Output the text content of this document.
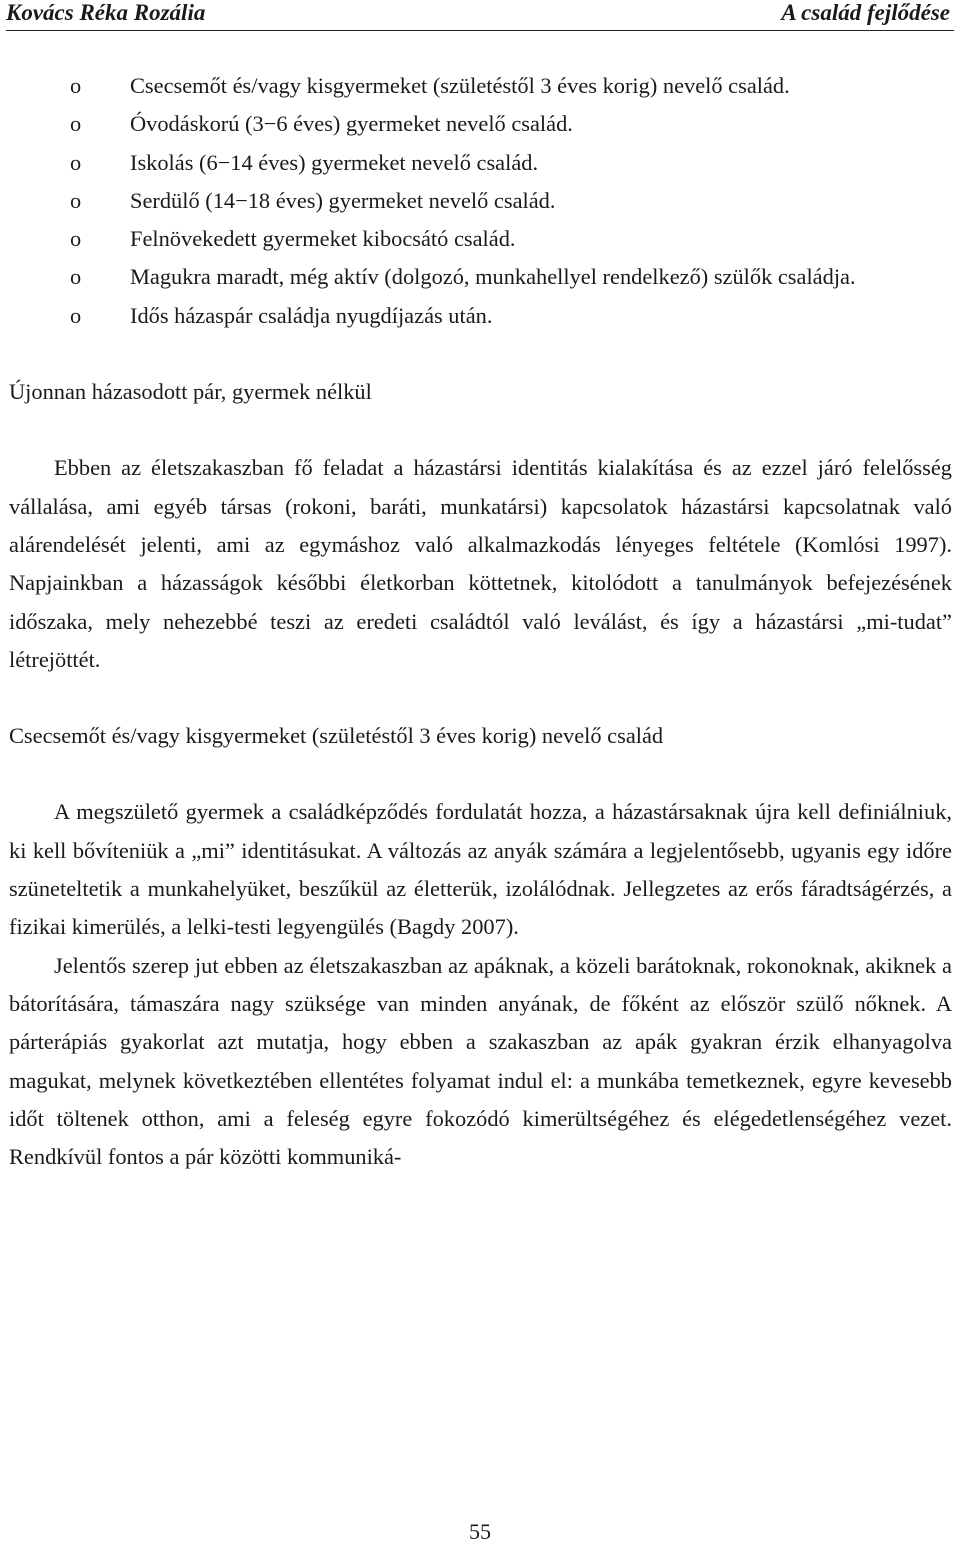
Kovács Réka Rozália	A család fejlődése
o Csecsemőt és/vagy kisgyermeket (születéstől 3 éves korig) nevelő család.
o Óvodáskorú (3−6 éves) gyermeket nevelő család.
o Iskolás (6−14 éves) gyermeket nevelő család.
o Serdülő (14−18 éves) gyermeket nevelő család.
o Felnövekedett gyermeket kibocsátó család.
o Magukra maradt, még aktív (dolgozó, munkahellyel rendelkező) szülők családja.
o Idős házaspár családja nyugdíjazás után.
Újonnan házasodott pár, gyermek nélkül

Ebben az életszakaszban fő feladat a házastársi identitás kialakítása és az ezzel járó felelősség vállalása, ami egyéb társas (rokoni, baráti, munkatársi) kapcsolatok házastársi kapcsolatnak való alárendelését jelenti, ami az egymáshoz való alkalmazkodás lényeges feltétele (Komlósi 1997). Napjainkban a házasságok későbbi életkorban köttetnek, kitolódott a tanulmányok befejezésének időszaka, mely nehezebbé teszi az eredeti családtól való leválást, és így a házastársi „mi-tudat” létrejöttét.

Csecsemőt és/vagy kisgyermeket (születéstől 3 éves korig) nevelő család

A megszülető gyermek a családképződés fordulatát hozza, a házastársaknak újra kell definiálniuk, ki kell bővíteniük a „mi” identitásukat. A változás az anyák számára a legjelentősebb, ugyanis egy időre szüneteltetik a munkahelyüket, beszűkül az életterük, izolálódnak. Jellegzetes az erős fáradtságérzés, a fizikai kimerülés, a lelki-testi legyengülés (Bagdy 2007).

Jelentős szerep jut ebben az életszakaszban az apáknak, a közeli barátoknak, rokonoknak, akiknek a bátorítására, támaszára nagy szüksége van minden anyának, de főként az először szülő nőknek. A párterápiás gyakorlat azt mutatja, hogy ebben a szakaszban az apák gyakran érzik elhanyagolva magukat, melynek következtében ellentétes folyamat indul el: a munkába temetkeznek, egyre kevesebb időt töltenek otthon, ami a feleség egyre fokozódó kimerültségéhez és elégedetlenségéhez vezet. Rendkívül fontos a pár közötti kommuniká-

55
